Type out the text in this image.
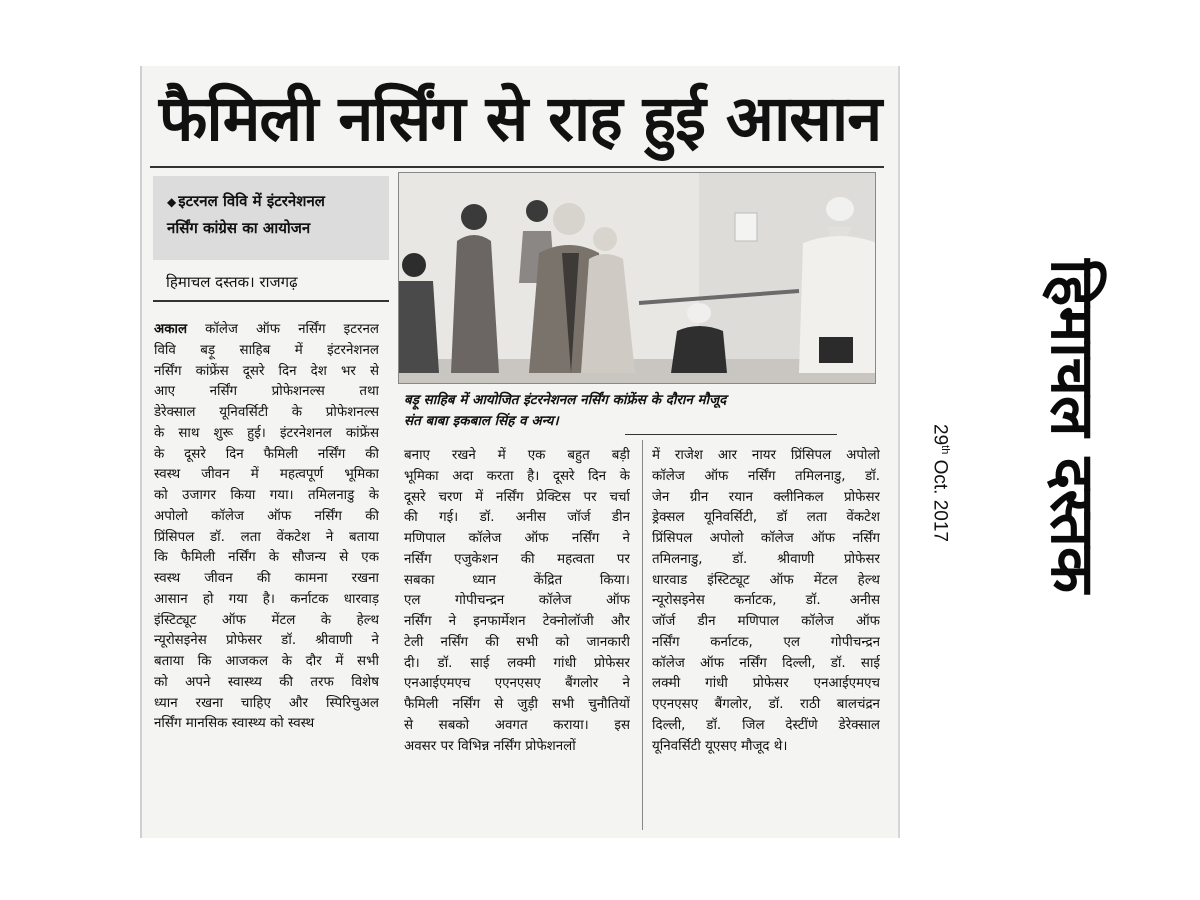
फैमिली नर्सिंग से राह हुई आसान
◆ इटरनल विवि में इंटरनेशनल
नर्सिंग कांग्रेस का आयोजन
हिमाचल दस्तक। राजगढ़
अकाल कॉलेज ऑफ नर्सिंग इटरनल
विवि बड़ू साहिब में इंटरनेशनल
नर्सिंग कांफ्रेंस दूसरे दिन देश भर से
आए नर्सिंग प्रोफेशनल्स तथा
डेरेक्साल यूनिवर्सिटी के प्रोफेशनल्स
के साथ शुरू हुई। इंटरनेशनल कांफ्रेंस
के दूसरे दिन फैमिली नर्सिंग की
स्वस्थ जीवन में महत्वपूर्ण भूमिका
को उजागर किया गया। तमिलनाडु के
अपोलो कॉलेज ऑफ नर्सिंग की
प्रिंसिपल डॉ. लता वेंकटेश ने बताया
कि फैमिली नर्सिंग के सौजन्य से एक
स्वस्थ जीवन की कामना रखना
आसान हो गया है। कर्नाटक धारवाड़
इंस्टिट्यूट ऑफ मेंटल के हेल्थ
न्यूरोसइनेस प्रोफेसर डॉ. श्रीवाणी ने
बताया कि आजकल के दौर में सभी
को अपने स्वास्थ्य की तरफ विशेष
ध्यान रखना चाहिए और स्पिरिचुअल
नर्सिंग मानसिक स्वास्थ्य को स्वस्थ
बड़ू साहिब में आयोजित इंटरनेशनल नर्सिंग कांफ्रेंस के दौरान मौजूद
संत बाबा इकबाल सिंह व अन्य।
बनाए रखने में एक बहुत बड़ी
भूमिका अदा करता है। दूसरे दिन के
दूसरे चरण में नर्सिंग प्रेक्टिस पर चर्चा
की गई। डॉ. अनीस जॉर्ज डीन
मणिपाल कॉलेज ऑफ नर्सिंग ने
नर्सिंग एजुकेशन की महत्वता पर
सबका ध्यान केंद्रित किया।
एल गोपीचन्द्रन कॉलेज ऑफ
नर्सिंग ने इनफार्मेशन टेक्नोलॉजी और
टेली नर्सिंग की सभी को जानकारी
दी। डॉ. साई लक्मी गांधी प्रोफेसर
एनआईएमएच एएनएसए बैंगलोर ने
फैमिली नर्सिंग से जुड़ी सभी चुनौतियों
से सबको अवगत कराया। इस
अवसर पर विभिन्न नर्सिंग प्रोफेशनलों
में राजेश आर नायर प्रिंसिपल अपोलो
कॉलेज ऑफ नर्सिंग तमिलनाडु, डॉ.
जेन ग्रीन रयान क्लीनिकल प्रोफेसर
ड्रेक्सल यूनिवर्सिटी, डॉ लता वेंकटेश
प्रिंसिपल अपोलो कॉलेज ऑफ नर्सिंग
तमिलनाडु, डॉ. श्रीवाणी प्रोफेसर
धारवाड इंस्टिट्यूट ऑफ मेंटल हेल्थ
न्यूरोसइनेस कर्नाटक, डॉ. अनीस
जॉर्ज डीन मणिपाल कॉलेज ऑफ
नर्सिंग कर्नाटक, एल गोपीचन्द्रन
कॉलेज ऑफ नर्सिंग दिल्ली, डॉ. साई
लक्मी गांधी प्रोफेसर एनआईएमएच
एएनएसए बैंगलोर, डॉ. राठी बालचंद्रन
दिल्ली, डॉ. जिल देस्टींणे डेरेक्साल
यूनिवर्सिटी यूएसए मौजूद थे।
29th Oct. 2017 हिमाचल दस्तक
